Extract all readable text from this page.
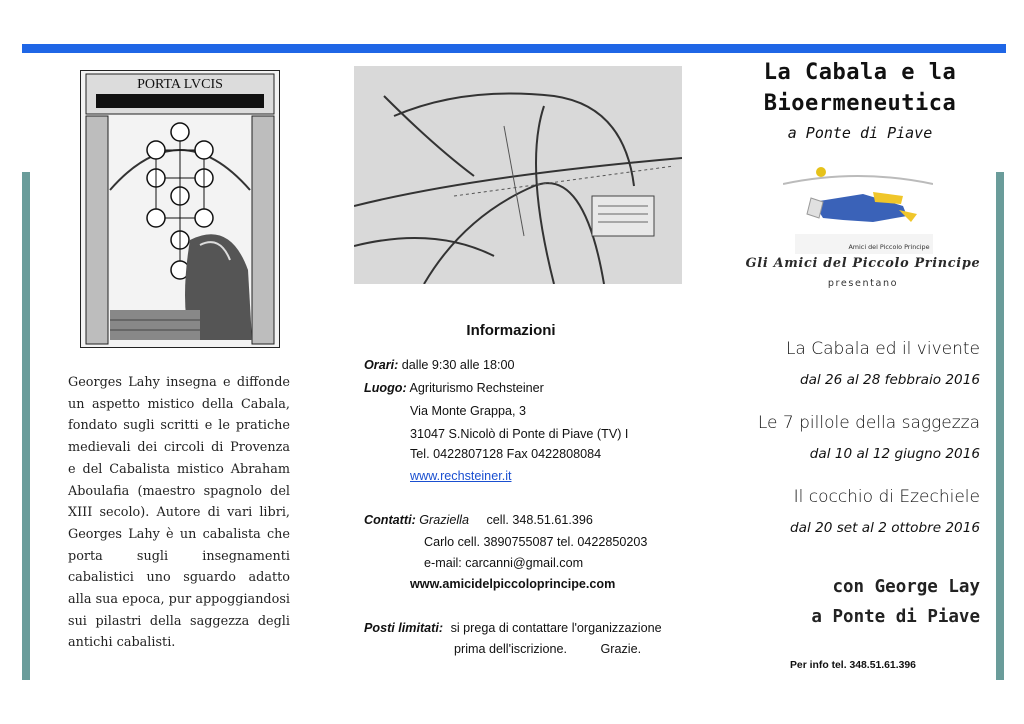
PORTA LVCIS
Georges Lahy insegna e diffonde un aspetto mistico della Cabala, fondato sugli scritti e le pratiche medievali dei circoli di Provenza e del Cabalista mistico Abraham Aboulafia (maestro spagnolo del XIII secolo). Autore di vari libri, Georges Lahy è un cabalista che porta sugli insegnamenti cabalistici uno sguardo adatto alla sua epoca, pur appoggiandosi sui pilastri della saggezza degli antichi cabalisti.
Informazioni
Orari: dalle 9:30 alle 18:00
Luogo: Agriturismo Rechsteiner
Via Monte Grappa, 3
31047 S.Nicolò di Ponte di Piave (TV) I
Tel. 0422807128 Fax 0422808084
www.rechsteiner.it
Contatti: Graziella cell. 348.51.61.396
Carlo cell. 3890755087 tel. 0422850203
e-mail: carcanni@gmail.com
www.amicidelpiccoloprincipe.com
Posti limitati: si prega di contattare l'organizzazione
prima dell'iscrizione.	Grazie.
La Cabala e la
Bioermeneutica
a Ponte di Piave
Amici del Piccolo Principe
Gli Amici del Piccolo Principe
presentano
La Cabala ed il vivente
dal 26 al 28 febbraio 2016
Le 7 pillole della saggezza
dal 10 al 12 giugno 2016
Il cocchio di Ezechiele
dal 20 set al 2 ottobre 2016
con George Lay
a Ponte di Piave
Per info tel. 348.51.61.396
